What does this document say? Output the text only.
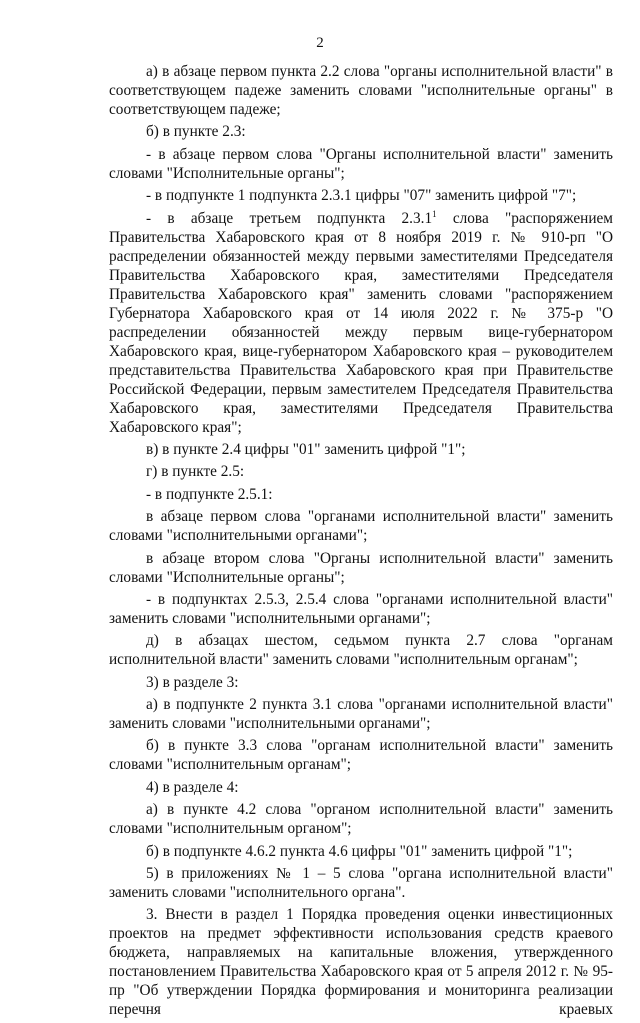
2

а) в абзаце первом пункта 2.2 слова "органы исполнительной власти" в соответствующем падеже заменить словами "исполнительные органы" в соответствующем падеже;

б) в пункте 2.3:

- в абзаце первом слова "Органы исполнительной власти" заменить словами "Исполнительные органы";

- в подпункте 1 подпункта 2.3.1 цифры "07" заменить цифрой "7";

- в абзаце третьем подпункта 2.3.1$^1$ слова "распоряжением Правительства Хабаровского края от 8 ноября 2019 г. № 910-рп "О распределении обязанностей между первыми заместителями Председателя Правительства Хабаровского края, заместителями Председателя Правительства Хабаровского края" заменить словами "распоряжением Губернатора Хабаровского края от 14 июля 2022 г. № 375-р "О распределении обязанностей между первым вице-губернатором Хабаровского края, вице-губернатором Хабаровского края – руководителем представительства Правительства Хабаровского края при Правительстве Российской Федерации, первым заместителем Председателя Правительства Хабаровского края, заместителями Председателя Правительства Хабаровского края";

в) в пункте 2.4 цифры "01" заменить цифрой "1";

г) в пункте 2.5:

- в подпункте 2.5.1:

в абзаце первом слова "органами исполнительной власти" заменить словами "исполнительными органами";

в абзаце втором слова "Органы исполнительной власти" заменить словами "Исполнительные органы";

- в подпунктах 2.5.3, 2.5.4 слова "органами исполнительной власти" заменить словами "исполнительными органами";

д) в абзацах шестом, седьмом пункта 2.7 слова "органам исполнительной власти" заменить словами "исполнительным органам";

3) в разделе 3:

а) в подпункте 2 пункта 3.1 слова "органами исполнительной власти" заменить словами "исполнительными органами";

б) в пункте 3.3 слова "органам исполнительной власти" заменить словами "исполнительным органам";

4) в разделе 4:

а) в пункте 4.2 слова "органом исполнительной власти" заменить словами "исполнительным органом";

б) в подпункте 4.6.2 пункта 4.6 цифры "01" заменить цифрой "1";

5) в приложениях № 1 – 5 слова "органа исполнительной власти" заменить словами "исполнительного органа".

3. Внести в раздел 1 Порядка проведения оценки инвестиционных проектов на предмет эффективности использования средств краевого бюджета, направляемых на капитальные вложения, утвержденного постановлением Правительства Хабаровского края от 5 апреля 2012 г. № 95-пр "Об утверждении Порядка формирования и мониторинга реализации перечня краевых
